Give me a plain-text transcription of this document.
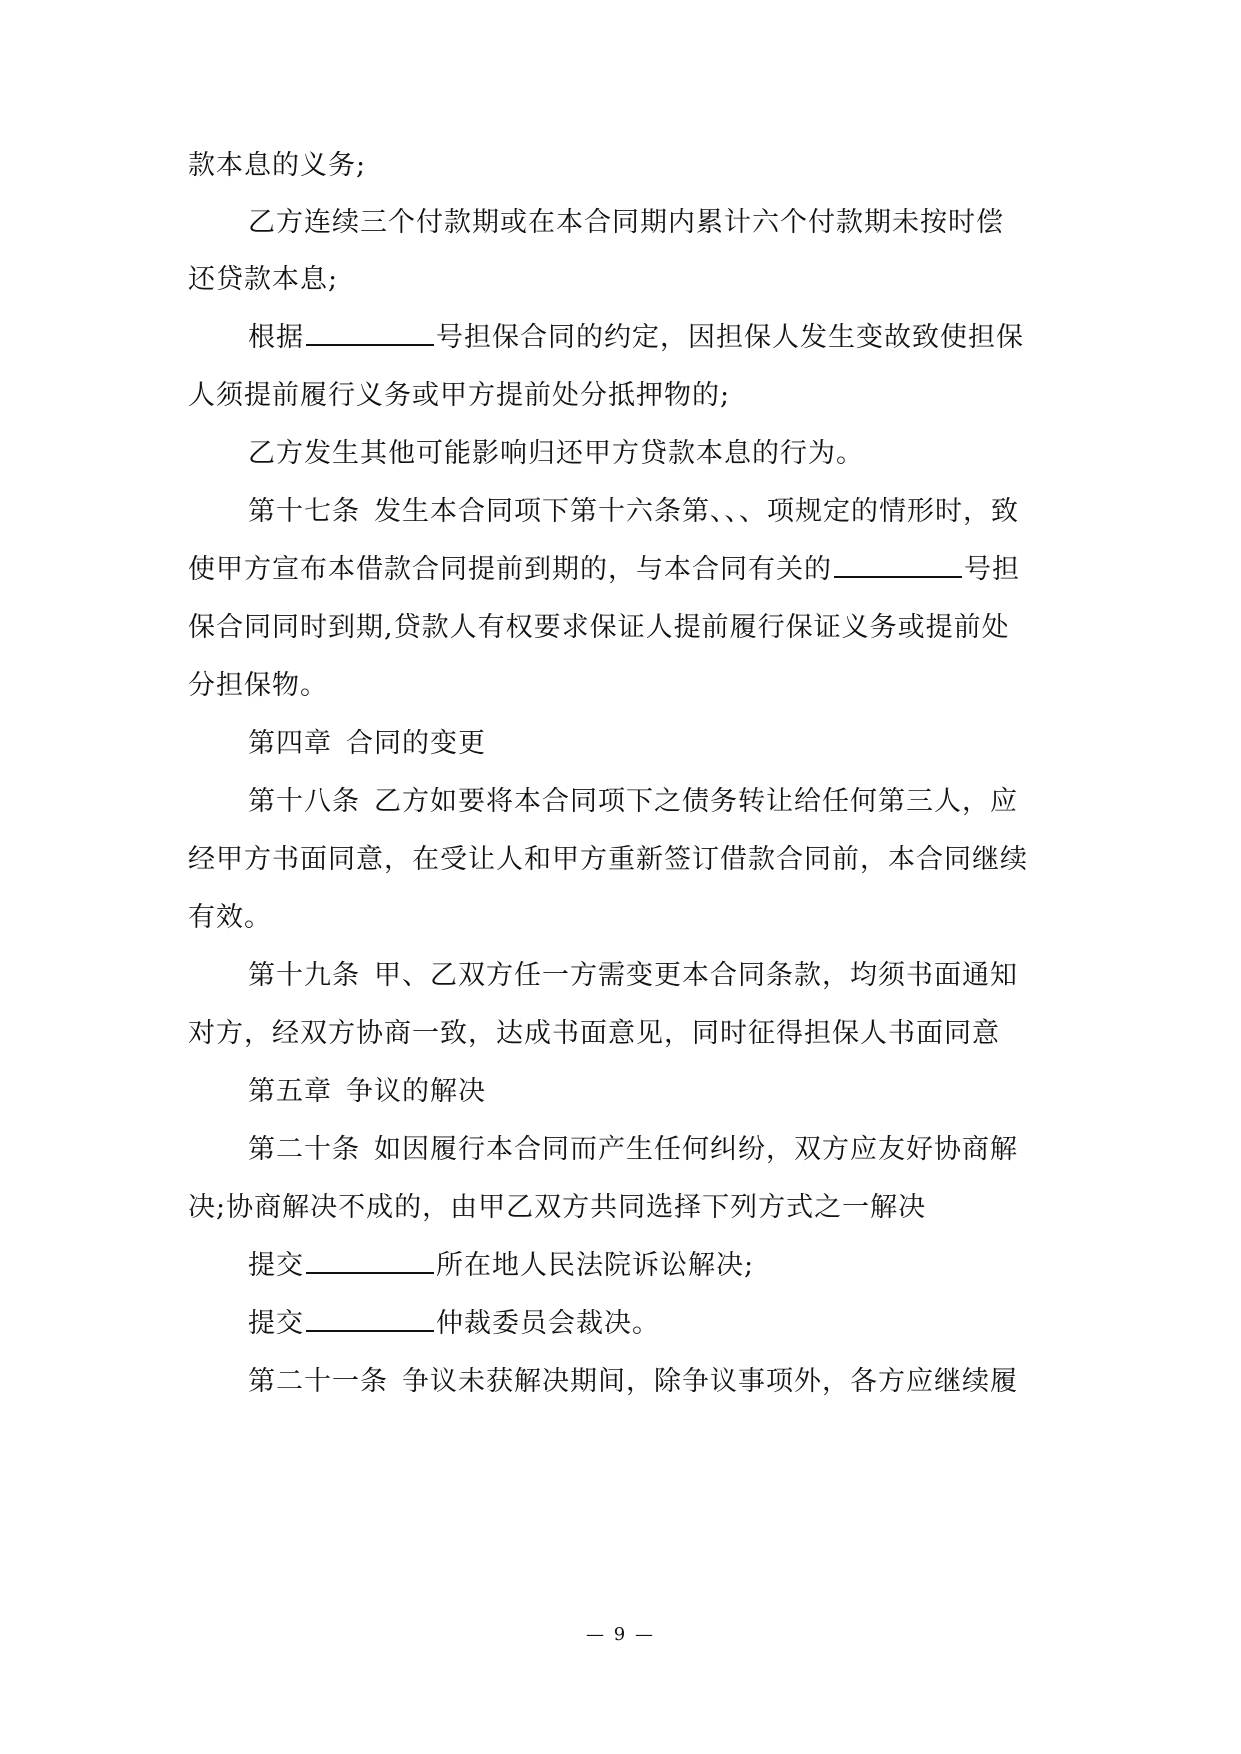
款本息的义务;
乙方连续三个付款期或在本合同期内累计六个付款期未按时偿
还贷款本息;
根据	号担保合同的约定，因担保人发生变故致使担保
人须提前履行义务或甲方提前处分抵押物的;
乙方发生其他可能影响归还甲方贷款本息的行为。
第十七条 发生本合同项下第十六条第、、、项规定的情形时，致
使甲方宣布本借款合同提前到期的，与本合同有关的	号担
保合同同时到期,贷款人有权要求保证人提前履行保证义务或提前处
分担保物。
第四章 合同的变更
第十八条 乙方如要将本合同项下之债务转让给任何第三人，应
经甲方书面同意，在受让人和甲方重新签订借款合同前，本合同继续
有效。
第十九条 甲、乙双方任一方需变更本合同条款，均须书面通知
对方，经双方协商一致，达成书面意见，同时征得担保人书面同意
第五章 争议的解决
第二十条 如因履行本合同而产生任何纠纷，双方应友好协商解
决;协商解决不成的，由甲乙双方共同选择下列方式之一解决
提交	所在地人民法院诉讼解决;
提交	仲裁委员会裁决。
第二十一条 争议未获解决期间，除争议事项外，各方应继续履
— 9 —
